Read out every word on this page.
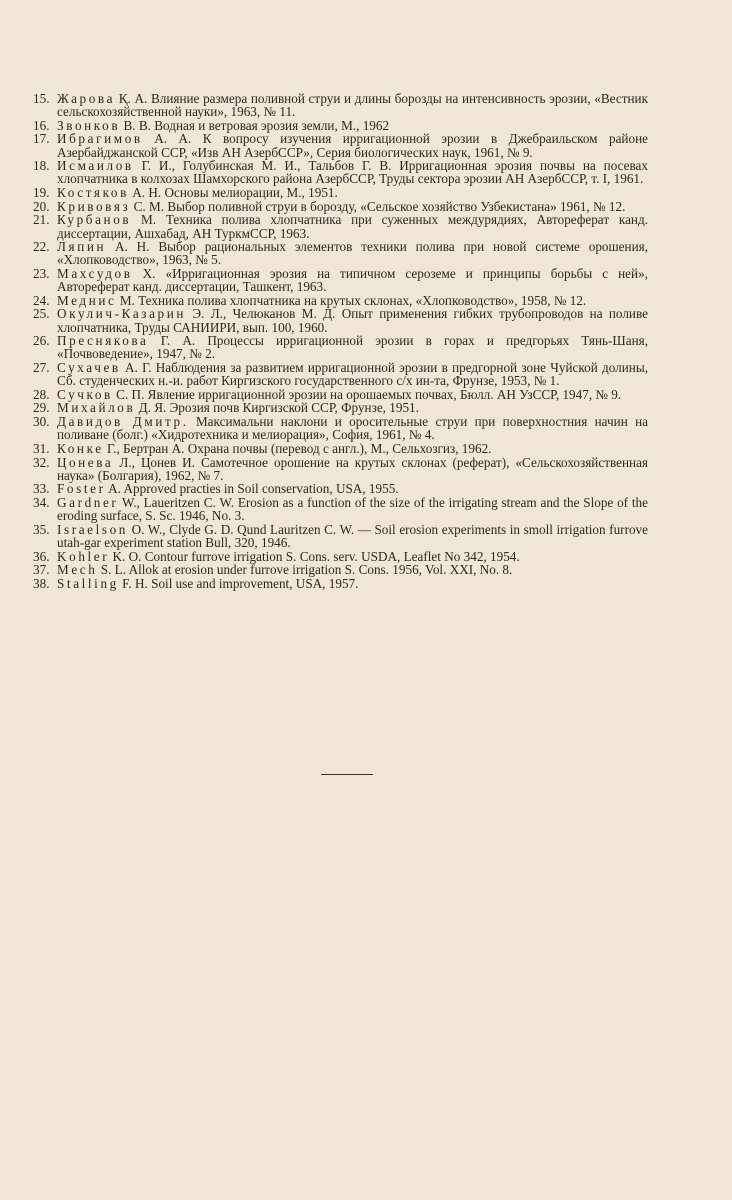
15. Жарова Қ. А. Влияние размера поливной струи и длины борозды на интенсивность эрозии, «Вестник сельскохозяйственной науки», 1963, № 11.
16. Звонков В. В. Водная и ветровая эрозия земли, М., 1962
17. Ибрагимов А. А. К вопросу изучения ирригационной эрозии в Джебраильском районе Азербайджанской ССР, «Изв АН АзербССР», Серия биологических наук, 1961, № 9.
18. Исмаилов Г. И., Голубинская М. И., Тальбов Г. В. Ирригационная эрозия почвы на посевах хлопчатника в колхозах Шамхорского района АзербССР, Труды сектора эрозии АН АзербССР, т. I, 1961.
19. Костяков А. Н. Основы мелиорации, М., 1951.
20. Кривовяз С. М. Выбор поливной струи в борозду, «Сельское хозяйство Узбекистана» 1961, № 12.
21. Курбанов М. Техника полива хлопчатника при суженных междурядиях, Автореферат канд. диссертации, Ашхабад, АН ТуркмССР, 1963.
22. Ляпин А. Н. Выбор рациональных элементов техники полива при новой системе орошения, «Хлопководство», 1963, № 5.
23. Махсудов Х. «Ирригационная эрозия на типичном сероземе и принципы борьбы с ней», Автореферат канд. диссертации, Ташкент, 1963.
24. Меднис М. Техника полива хлопчатника на крутых склонах, «Хлопководство», 1958, № 12.
25. Окулич-Казарин Э. Л., Челюканов М. Д. Опыт применения гибких трубопроводов на поливе хлопчатника, Труды САНИИРИ, вып. 100, 1960.
26. Преснякова Г. А. Процессы ирригационной эрозии в горах и предгорьях Тянь-Шаня, «Почвоведение», 1947, № 2.
27. Сухачев А. Г. Наблюдения за развитием ирригационной эрозии в предгорной зоне Чуйской долины, Сб. студенческих н.-и. работ Киргизского государственного с/х ин-та, Фрунзе, 1953, № 1.
28. Сучков С. П. Явление ирригационной эрозии на орошаемых почвах, Бюлл. АН УзССР, 1947, № 9.
29. Михайлов Д. Я. Эрозия почв Киргизской ССР, Фрунзе, 1951.
30. Давидов Дмитр. Максимальни наклони и оросительные струи при поверхностния начин на поливане (болг.) «Хидротехника и мелиорация», София, 1961, № 4.
31. Конке Г., Бертран А. Охрана почвы (перевод с англ.), М., Сельхозгиз, 1962.
32. Цонева Л., Цонев И. Самотечное орошение на крутых склонах (реферат), «Сельскохозяйственная наука» (Болгария), 1962, № 7.
33. Foster A. Approved practies in Soil conservation, USA, 1955.
34. Gardner W., Laueritzen C. W. Erosion as a function of the size of the irrigating stream and the Slope of the eroding surface, S. Sc. 1946, No. 3.
35. Israelson O. W., Clyde G. D. Qund Lauritzen C. W. — Soil erosion experiments in smoll irrigation furrove utah-gar experiment station Bull, 320, 1946.
36. Kohler K. O. Contour furrove irrigation S. Cons. serv. USDA, Leaflet No 342, 1954.
37. Mech S. L. Allok at erosion under furrove irrigation S. Cons. 1956, Vol. XXI, No. 8.
38. Stalling F. H. Soil use and improvement, USA, 1957.
